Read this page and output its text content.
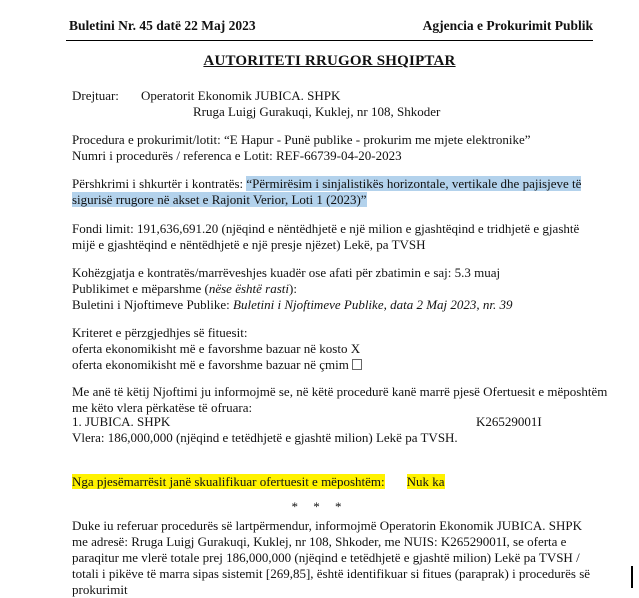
Buletini Nr. 45 datë 22 Maj 2023	Agjencia e Prokurimit Publik
AUTORITETI RRUGOR SHQIPTAR
Drejtuar: Operatorit Ekonomik JUBICA. SHPK
Rruga Luigj Gurakuqi, Kuklej, nr 108, Shkoder
Procedura e prokurimit/lotit: “E Hapur - Punë publike - prokurim me mjete elektronike”
Numri i procedurës / referenca e Lotit: REF-66739-04-20-2023
Përshkrimi i shkurtër i kontratës: “Përmirësim i sinjalistikës horizontale, vertikale dhe pajisjeve të
sigurisë rrugore në akset e Rajonit Verior, Loti 1 (2023)”
Fondi limit: 191,636,691.20 (njëqind e nëntëdhjetë e një milion e gjashtëqind e tridhjetë e gjashtë
mijë e gjashtëqind e nëntëdhjetë e një presje njëzet) Lekë, pa TVSH
Kohëzgjatja e kontratës/marrëveshjes kuadër ose afati për zbatimin e saj: 5.3 muaj
Publikimet e mëparshme (nëse është rasti):
Buletini i Njoftimeve Publike: Buletini i Njoftimeve Publike, data 2 Maj 2023, nr. 39
Kriteret e përzgjedhjes së fituesit:
oferta ekonomikisht më e favorshme bazuar në kosto X
oferta ekonomikisht më e favorshme bazuar në çmim
Me anë të këtij Njoftimi ju informojmë se, në këtë procedurë kanë marrë pjesë Ofertuesit e mëposhtëm
me këto vlera përkatëse të ofruara:
1. JUBICA. SHPK	K26529001I
Vlera: 186,000,000 (njëqind e tetëdhjetë e gjashtë milion) Lekë pa TVSH.
Nga pjesëmarrësit janë skualifikuar ofertuesit e mëposhtëm: Nuk ka
* * *
Duke iu referuar procedurës së lartpërmendur, informojmë Operatorin Ekonomik JUBICA. SHPK
me adresë: Rruga Luigj Gurakuqi, Kuklej, nr 108, Shkoder, me NUIS: K26529001I, se oferta e
paraqitur me vlerë totale prej 186,000,000 (njëqind e tetëdhjetë e gjashtë milion) Lekë pa TVSH /
totali i pikëve të marra sipas sistemit [269,85], është identifikuar si fitues (paraprak) i procedurës së
prokurimit
